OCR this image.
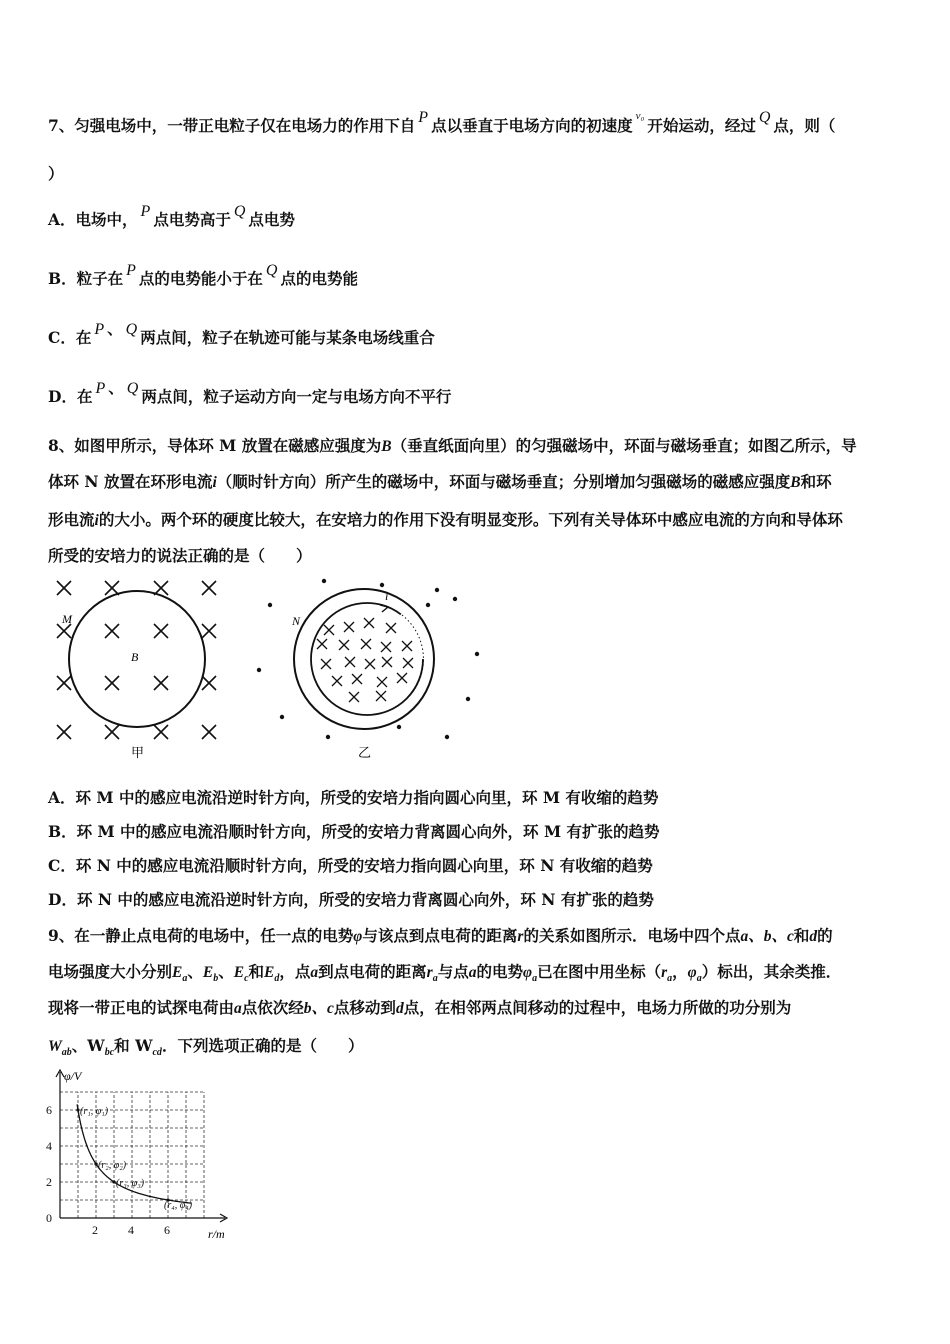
7、匀强电场中，一带正电粒子仅在电场力的作用下自 P 点以垂直于电场方向的初速度 $^{v_0}$ 开始运动，经过 Q 点，则（
）
A．电场中， P 点电势高于 Q 点电势
B．粒子在 P 点的电势能小于在 Q 点的电势能
C．在 P 、 Q 两点间，粒子在轨迹可能与某条电场线重合
D．在 P 、 Q 两点间，粒子运动方向一定与电场方向不平行
8、如图甲所示，导体环 M 放置在磁感应强度为B（垂直纸面向里）的匀强磁场中，环面与磁场垂直；如图乙所示，导
体环 N 放置在环形电流i（顺时针方向）所产生的磁场中，环面与磁场垂直；分别增加匀强磁场的磁感应强度B和环
形电流i的大小。两个环的硬度比较大，在安培力的作用下没有明显变形。下列有关导体环中感应电流的方向和导体环
所受的安培力的说法正确的是（　　）
M
B
甲
N
i
乙
A．环 M 中的感应电流沿逆时针方向，所受的安培力指向圆心向里，环 M 有收缩的趋势
B．环 M 中的感应电流沿顺时针方向，所受的安培力背离圆心向外，环 M 有扩张的趋势
C．环 N 中的感应电流沿顺时针方向，所受的安培力指向圆心向里，环 N 有收缩的趋势
D．环 N 中的感应电流沿逆时针方向，所受的安培力背离圆心向外，环 N 有扩张的趋势
9、在一静止点电荷的电场中，任一点的电势φ与该点到点电荷的距离r的关系如图所示．电场中四个点a、b、c和d的
电场强度大小分别$E_a$、$E_b$、$E_c$和$E_d$，点a到点电荷的距离$r_a$与点a的电势$\varphi_a$已在图中用坐标（$r_a$，$\varphi_a$）标出，其余类推．
现将一带正电的试探电荷由a点依次经b、c点移动到d点，在相邻两点间移动的过程中，电场力所做的功分别为
$W_{ab}$、$W_{bc}$和 $W_{cd}$．下列选项正确的是（　　）
2	4	6
0
2
4
6	(r₁, φ₁)
(r₂, φ₂)
(r₃, φ₃)
(r₄, φ₄)
φ/V
r/m
